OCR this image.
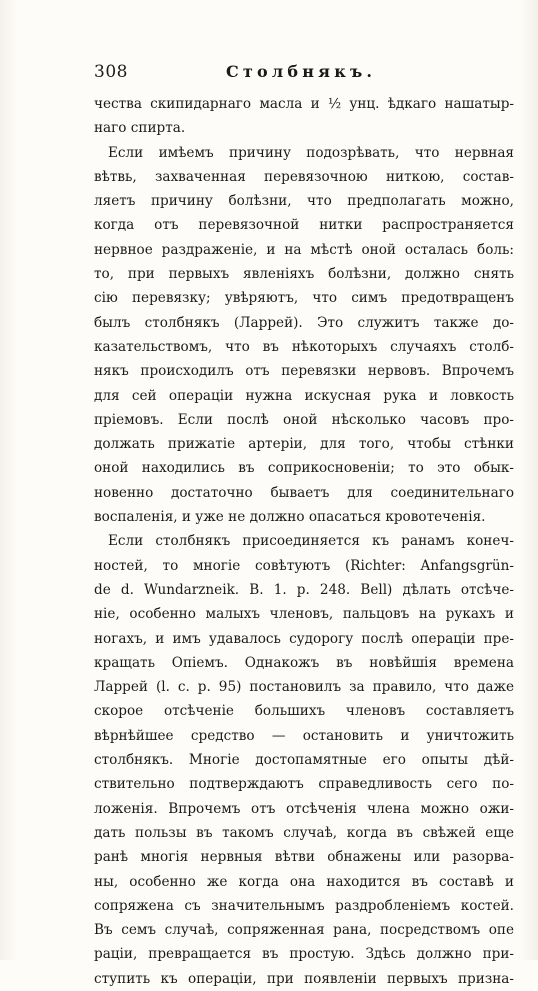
308	Столбнякъ.
чества скипидарнаго масла и ½ унц. ѣдкаго нашатыр-
наго спирта.
Если имѣемъ причину подозрѣвать, что нервная
вѣтвь, захваченная перевязочною ниткою, состав-
ляетъ причину болѣзни, что предполагать можно,
когда отъ перевязочной нитки распространяется
нервное раздраженіе, и на мѣстѣ оной осталась боль:
то, при первыхъ явленіяхъ болѣзни, должно снять
сію перевязку; увѣряютъ, что симъ предотвращенъ
былъ столбнякъ (Ларрей). Это служитъ также до-
казательствомъ, что въ нѣкоторыхъ случаяхъ столб-
някъ происходилъ отъ перевязки нервовъ. Впрочемъ
для сей операціи нужна искусная рука и ловкость
пріемовъ. Если послѣ оной нѣсколько часовъ про-
должать прижатіе артеріи, для того, чтобы стѣнки
оной находились въ соприкосновеніи; то это обык-
новенно достаточно бываетъ для соединительнаго
воспаленія, и уже не должно опасаться кровотеченія.
Если столбнякъ присоединяется къ ранамъ конеч-
ностей, то многіе совѣтуютъ (Richter: Anfangsgrün-
de d. Wundarzneik. B. 1. p. 248. Bell) дѣлать отсѣче-
ніе, особенно малыхъ членовъ, пальцовъ на рукахъ и
ногахъ, и имъ удавалось судорогу послѣ операціи пре-
кращать Опіемъ. Однакожъ въ новѣйшія времена
Ларрей (l. c. p. 95) постановилъ за правило, что даже
скорое отсѣченіе большихъ членовъ составляетъ
вѣрнѣйшее средство — остановить и уничтожить
столбнякъ. Многіе достопамятные его опыты дѣй-
ствительно подтверждаютъ справедливость сего по-
ложенія. Впрочемъ отъ отсѣченія члена можно ожи-
дать пользы въ такомъ случаѣ, когда въ свѣжей еще
ранѣ многія нервныя вѣтви обнажены или разорва-
ны, особенно же когда она находится въ составѣ и
сопряжена съ значительнымъ раздробленіемъ костей.
Въ семъ случаѣ, сопряженная рана, посредствомъ опе
раціи, превращается въ простую. Здѣсь должно при-
ступить къ операціи, при появленіи первыхъ призна-
